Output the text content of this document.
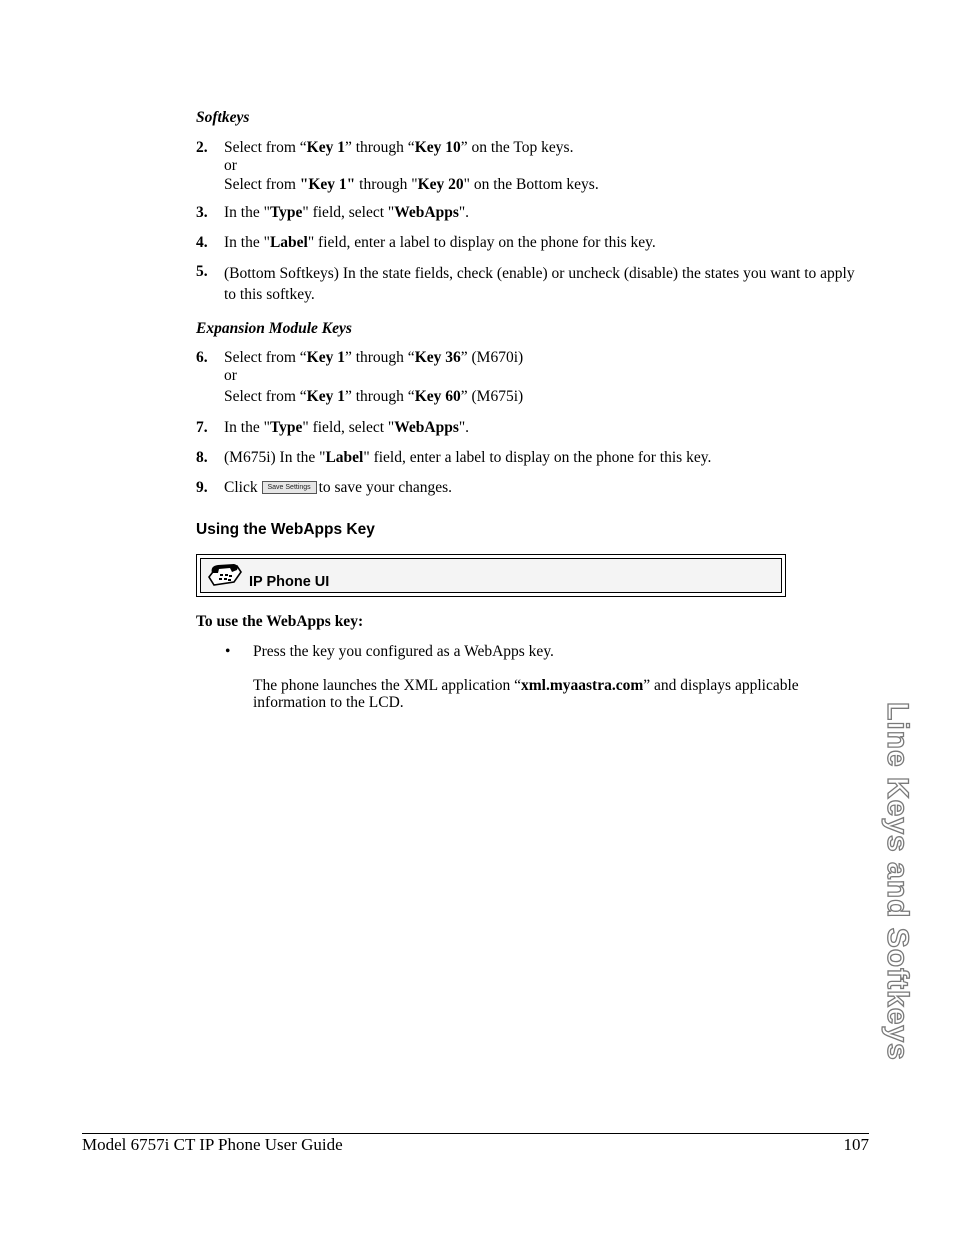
Softkeys
2. Select from “Key 1” through “Key 10” on the Top keys.
or
Select from "Key 1" through "Key 20" on the Bottom keys.
3. In the "Type" field, select "WebApps".
4. In the "Label" field, enter a label to display on the phone for this key.
5. (Bottom Softkeys) In the state fields, check (enable) or uncheck (disable) the states you want to apply to this softkey.
Expansion Module Keys
6. Select from “Key 1” through “Key 36” (M670i)
or
Select from “Key 1” through “Key 60” (M675i)
7. In the "Type" field, select "WebApps".
8. (M675i) In the "Label" field, enter a label to display on the phone for this key.
9. Click Save Settings to save your changes.
Using the WebApps Key
IP Phone UI
To use the WebApps key:
• Press the key you configured as a WebApps key.
The phone launches the XML application “xml.myaastra.com” and displays applicable information to the LCD.	Line Keys and Softkeys
Model 6757i CT IP Phone User Guide	107
